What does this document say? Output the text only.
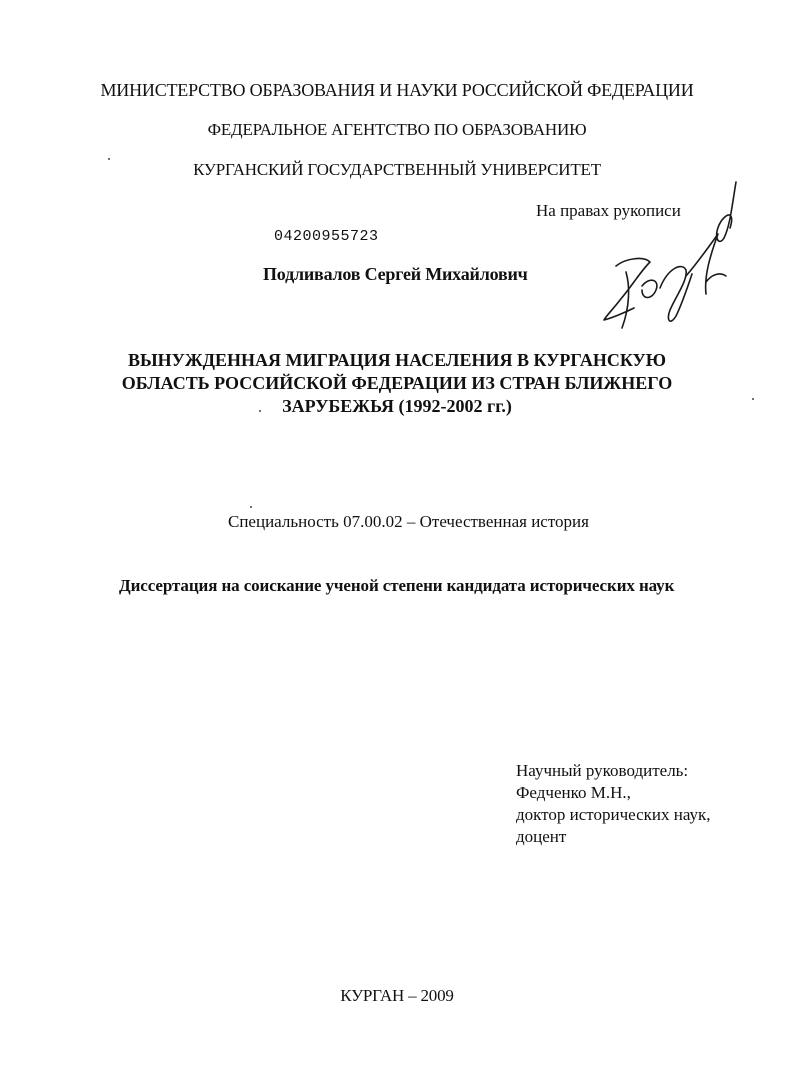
МИНИСТЕРСТВО ОБРАЗОВАНИЯ И НАУКИ РОССИЙСКОЙ ФЕДЕРАЦИИ
ФЕДЕРАЛЬНОЕ АГЕНТСТВО ПО ОБРАЗОВАНИЮ
КУРГАНСКИЙ ГОСУДАРСТВЕННЫЙ УНИВЕРСИТЕТ
На правах рукописи
04200955723
Подливалов Сергей Михайлович
ВЫНУЖДЕННАЯ МИГРАЦИЯ НАСЕЛЕНИЯ В КУРГАНСКУЮ
ОБЛАСТЬ РОССИЙСКОЙ ФЕДЕРАЦИИ ИЗ СТРАН БЛИЖНЕГО
ЗАРУБЕЖЬЯ (1992-2002 гг.)
Специальность 07.00.02 – Отечественная история
Диссертация на соискание ученой степени кандидата исторических наук
Научный руководитель:
Федченко М.Н.,
доктор исторических наук,
доцент
КУРГАН – 2009
